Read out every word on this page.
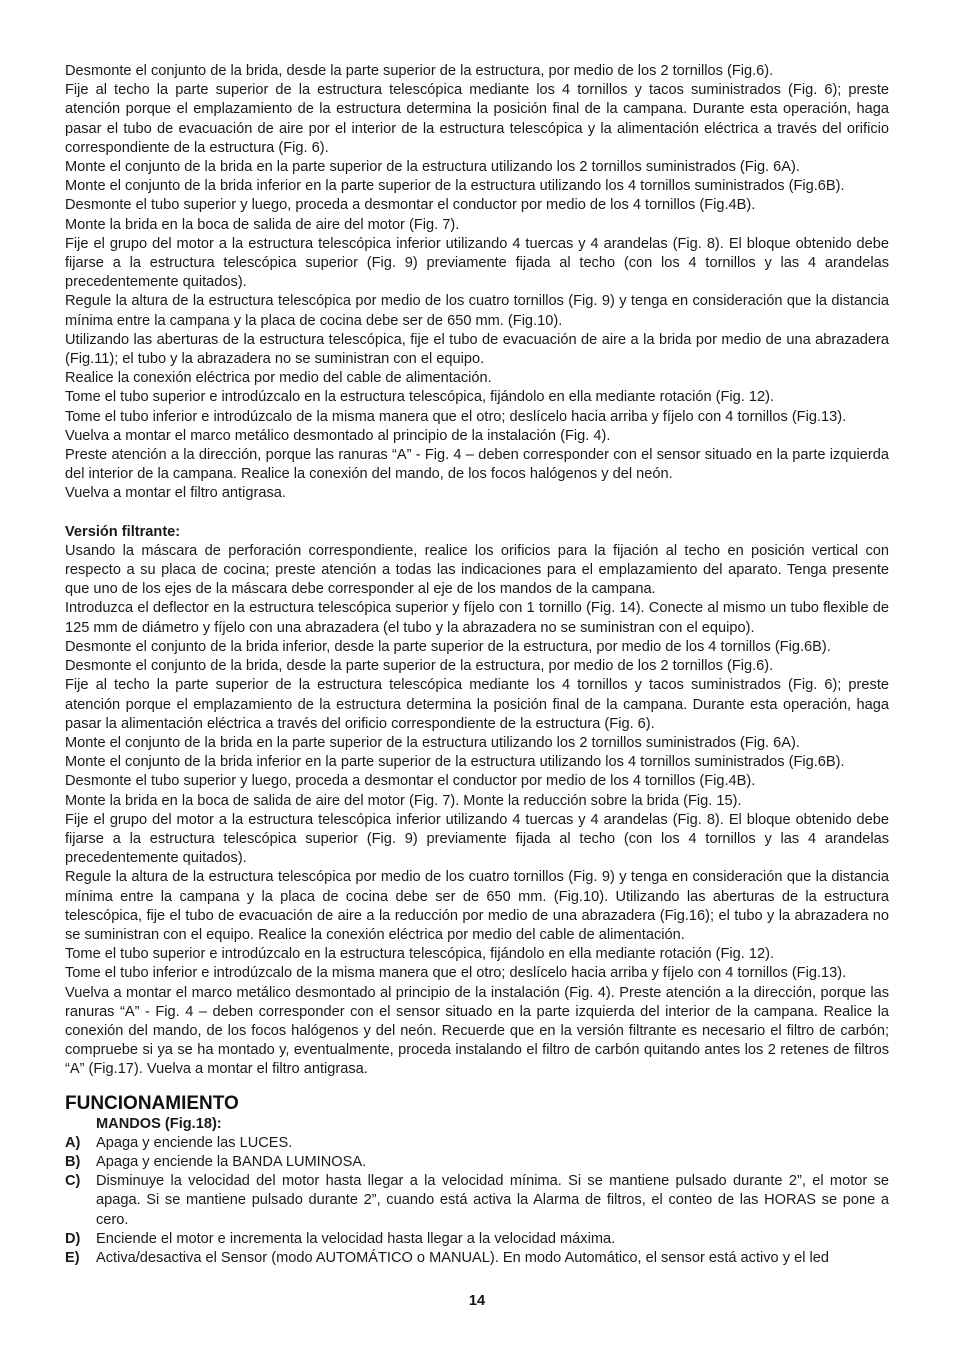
Desmonte el conjunto de la brida, desde la parte superior de la estructura, por medio de los 2 tornillos (Fig.6).

Fije al techo la parte superior de la estructura telescópica mediante los 4 tornillos y tacos suministrados (Fig. 6); preste atención porque el emplazamiento de la estructura determina la posición final de la campana. Durante esta operación, haga pasar el tubo de evacuación de aire por el interior de la estructura telescópica y la alimentación eléctrica a través del orificio correspondiente de la estructura (Fig. 6).

Monte el conjunto de la brida en la parte superior de la estructura utilizando los 2 tornillos suministrados (Fig. 6A).

Monte el conjunto de la brida inferior en la parte superior de la estructura utilizando los 4 tornillos suministrados (Fig.6B).

Desmonte el tubo superior y luego, proceda a desmontar el conductor por medio de los 4 tornillos (Fig.4B).

Monte la brida en la boca de salida de aire del motor (Fig. 7).

Fije el grupo del motor a la estructura telescópica inferior utilizando 4 tuercas y 4 arandelas (Fig. 8). El bloque obtenido debe fijarse a la estructura telescópica superior (Fig. 9) previamente fijada al techo (con los 4 tornillos y las 4 arandelas precedentemente quitados).

Regule la altura de la estructura telescópica por medio de los cuatro tornillos (Fig. 9) y tenga en consideración que la distancia mínima entre la campana y la placa de cocina debe ser de 650 mm. (Fig.10).

Utilizando las aberturas de la estructura telescópica, fije el tubo de evacuación de aire a la brida por medio de una abrazadera (Fig.11); el tubo y la abrazadera no se suministran con el equipo.

Realice la conexión eléctrica por medio del cable de alimentación.

Tome el tubo superior e introdúzcalo en la estructura telescópica, fijándolo en ella mediante rotación (Fig. 12).

Tome el tubo inferior e introdúzcalo de la misma manera que el otro; deslícelo hacia arriba y fíjelo con 4 tornillos (Fig.13).

Vuelva a montar el marco metálico desmontado al principio de la instalación (Fig. 4).

Preste atención a la dirección, porque las ranuras “A” - Fig. 4 – deben corresponder con el sensor situado en la parte izquierda del interior de la campana. Realice la conexión del mando, de los focos halógenos y del neón.

Vuelva a montar el filtro antigrasa.

Versión filtrante:

Usando la máscara de perforación correspondiente, realice los orificios para la fijación al techo en posición vertical con respecto a su placa de cocina; preste atención a todas las indicaciones para el emplazamiento del aparato. Tenga presente que uno de los ejes de la máscara debe corresponder al eje de los mandos de la campana.

Introduzca el deflector en la estructura telescópica superior y fíjelo con 1 tornillo (Fig. 14). Conecte al mismo un tubo flexible de 125 mm de diámetro y fíjelo con una abrazadera (el tubo y la abrazadera no se suministran con el equipo).

Desmonte el conjunto de la brida inferior, desde la parte superior de la estructura, por medio de los 4 tornillos (Fig.6B).

Desmonte el conjunto de la brida, desde la parte superior de la estructura, por medio de los 2 tornillos (Fig.6).

Fije al techo la parte superior de la estructura telescópica mediante los 4 tornillos y tacos suministrados (Fig. 6); preste atención porque el emplazamiento de la estructura determina la posición final de la campana. Durante esta operación, haga pasar la alimentación eléctrica a través del orificio correspondiente de la estructura (Fig. 6).

Monte el conjunto de la brida en la parte superior de la estructura utilizando los 2 tornillos suministrados (Fig. 6A).

Monte el conjunto de la brida inferior en la parte superior de la estructura utilizando los 4 tornillos suministrados (Fig.6B).

Desmonte el tubo superior y luego, proceda a desmontar el conductor por medio de los 4 tornillos (Fig.4B).

Monte la brida en la boca de salida de aire del motor (Fig. 7). Monte la reducción sobre la brida (Fig. 15).

Fije el grupo del motor a la estructura telescópica inferior utilizando 4 tuercas y 4 arandelas (Fig. 8). El bloque obtenido debe fijarse a la estructura telescópica superior (Fig. 9) previamente fijada al techo (con los 4 tornillos y las 4 arandelas precedentemente quitados).

Regule la altura de la estructura telescópica por medio de los cuatro tornillos (Fig. 9) y tenga en consideración que la distancia mínima entre la campana y la placa de cocina debe ser de 650 mm. (Fig.10). Utilizando las aberturas de la estructura telescópica, fije el tubo de evacuación de aire a la reducción por medio de una abrazadera (Fig.16); el tubo y la abrazadera no se suministran con el equipo. Realice la conexión eléctrica por medio del cable de alimentación.

Tome el tubo superior e introdúzcalo en la estructura telescópica, fijándolo en ella mediante rotación (Fig. 12).

Tome el tubo inferior e introdúzcalo de la misma manera que el otro; deslícelo hacia arriba y fíjelo con 4 tornillos (Fig.13).

Vuelva a montar el marco metálico desmontado al principio de la instalación (Fig. 4). Preste atención a la dirección, porque las ranuras “A” - Fig. 4 – deben corresponder con el sensor situado en la parte izquierda del interior de la campana. Realice la conexión del mando, de los focos halógenos y del neón. Recuerde que en la versión filtrante es necesario el filtro de carbón; compruebe si ya se ha montado y, eventualmente, proceda instalando el filtro de carbón quitando antes los 2 retenes de filtros “A” (Fig.17). Vuelva a montar el filtro antigrasa.

FUNCIONAMIENTO

MANDOS (Fig.18):

A)	Apaga y enciende las LUCES.
B)	Apaga y enciende la BANDA LUMINOSA.
C)	Disminuye la velocidad del motor hasta llegar a la velocidad mínima. Si se mantiene pulsado durante 2”, el motor se apaga. Si se mantiene pulsado durante 2”, cuando está activa la Alarma de filtros, el conteo de las HORAS se pone a cero.
D)	Enciende el motor e incrementa la velocidad hasta llegar a la velocidad máxima.
E)	Activa/desactiva el Sensor (modo AUTOMÁTICO o MANUAL). En modo Automático, el sensor está activo y el led
14
